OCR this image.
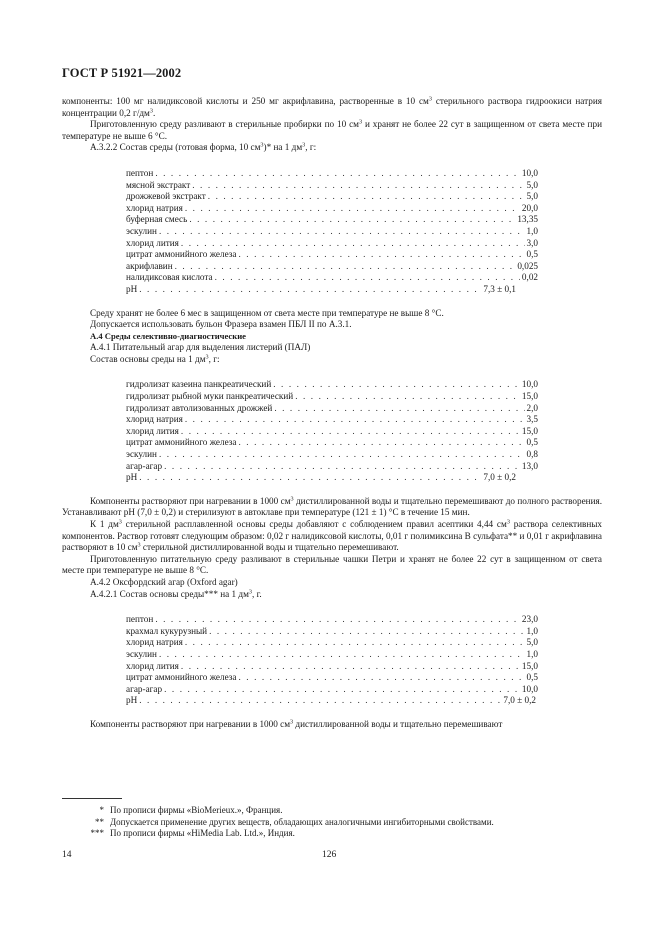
ГОСТ Р 51921—2002

компоненты: 100 мг налидиксовой кислоты и 250 мг акрифлавина, растворенные в 10 $см^3$ стерильного раствора гидроокиси натрия концентрации 0,2 $г/дм^3$.

Приготовленную среду разливают в стерильные пробирки по 10 $см^3$ и хранят не более 22 сут в защищенном от света месте при температуре не выше 6 °С.

А.3.2.2 Состав среды (готовая форма, 10 $см^3)*$ на 1 $дм^3$, г:

пептон . . .	10,0
мясной экстракт . . .	5,0
дрожжевой экстракт . . .	5,0
хлорид натрия . . .	20,0
буферная смесь . . .	13,35
эскулин . . .	1,0
хлорид лития . . .	3,0
цитрат аммонийного железа . . .	0,5
акрифлавин . . .	0,025
налидиксовая кислота . . .	0,02
pH . . .	7,3 ± 0,1

Среду хранят не более 6 мес в защищенном от света месте при температуре не выше 8 °С.

Допускается использовать бульон Фразера взамен ПБЛ II по А.3.1.

А.4 Среды селективно-диагностические

А.4.1 Питательный агар для выделения листерий (ПАЛ)

Состав основы среды на 1 $дм^3$, г:

гидролизат казеина панкреатический . . .	10,0
гидролизат рыбной муки панкреатический . . .	15,0
гидролизат автолизованных дрожжей . . .	2,0
хлорид натрия . . .	3,5
хлорид лития . . .	15,0
цитрат аммонийного железа . . .	0,5
эскулин . . .	0,8
агар-агар . . .	13,0
pH . . .	7,0 ± 0,2

Компоненты растворяют при нагревании в 1000 $см^3$ дистиллированной воды и тщательно перемешивают до полного растворения. Устанавливают pH (7,0 ± 0,2) и стерилизуют в автоклаве при температуре (121 ± 1) °С в течение 15 мин.

К 1 $дм^3$ стерильной расплавленной основы среды добавляют с соблюдением правил асептики 4,44 $см^3$ раствора селективных компонентов. Раствор готовят следующим образом: 0,02 г налидиксовой кислоты, 0,01 г полимиксина В сульфата** и 0,01 г акрифлавина растворяют в 10 $см^3$ стерильной дистиллированной воды и тщательно перемешивают.

Приготовленную питательную среду разливают в стерильные чашки Петри и хранят не более 22 сут в защищенном от света месте при температуре не выше 8 °С.

А.4.2 Оксфордский агар (Oxford agar)

А.4.2.1 Состав основы среды*** на 1 $дм^3$, г.

пептон . . .	23,0
крахмал кукурузный . . .	1,0
хлорид натрия . . .	5,0
эскулин . . .	1,0
хлорид лития . . .	15,0
цитрат аммонийного железа . . .	0,5
агар-агар . . .	10,0
pH . . .	7,0 ± 0,2

Компоненты растворяют при нагревании в 1000 $см^3$ дистиллированной воды и тщательно перемешивают

* По прописи фирмы «BioMerieux.», Франция.
** Допускается применение других веществ, обладающих аналогичными ингибиторными свойствами.
*** По прописи фирмы «HiMedia Lab. Ltd.», Индия.
14	126
